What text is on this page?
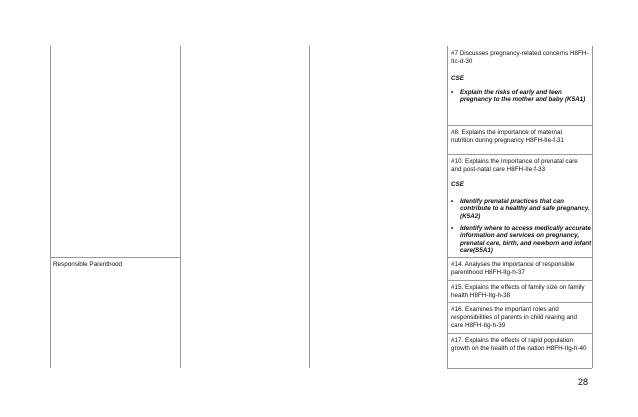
Responsible Parenthood
#7 Discusses pregnancy-related concerns H8FH-IIc-d-30
CSE
• Explain the risks of early and teen pregnancy to the mother and baby (K5A1)
#8. Explains the importance of maternal nutrition during pregnancy H8FH-IIe-f-31
#10. Explains the importance of prenatal care and post-natal care H8FH-IIe-f-33
CSE
• Identify prenatal practices that can contribute to a healthy and safe pregnancy. (K5A2)
• Identify where to access medically accurate information and services on pregnancy, prenatal care, birth, and newborn and infant care(S5A1)
#14. Analyses the importance of responsible parenthood H8FH-IIg-h-37
#15. Explains the effects of family size on family health H8FH-IIg-h-38
#16. Examines the important roles and responsibilities of parents in child rearing and care H8FH-IIg-h-39
#17. Explains the effects of rapid population growth on the health of the nation H8FH-IIg-h-40
28
